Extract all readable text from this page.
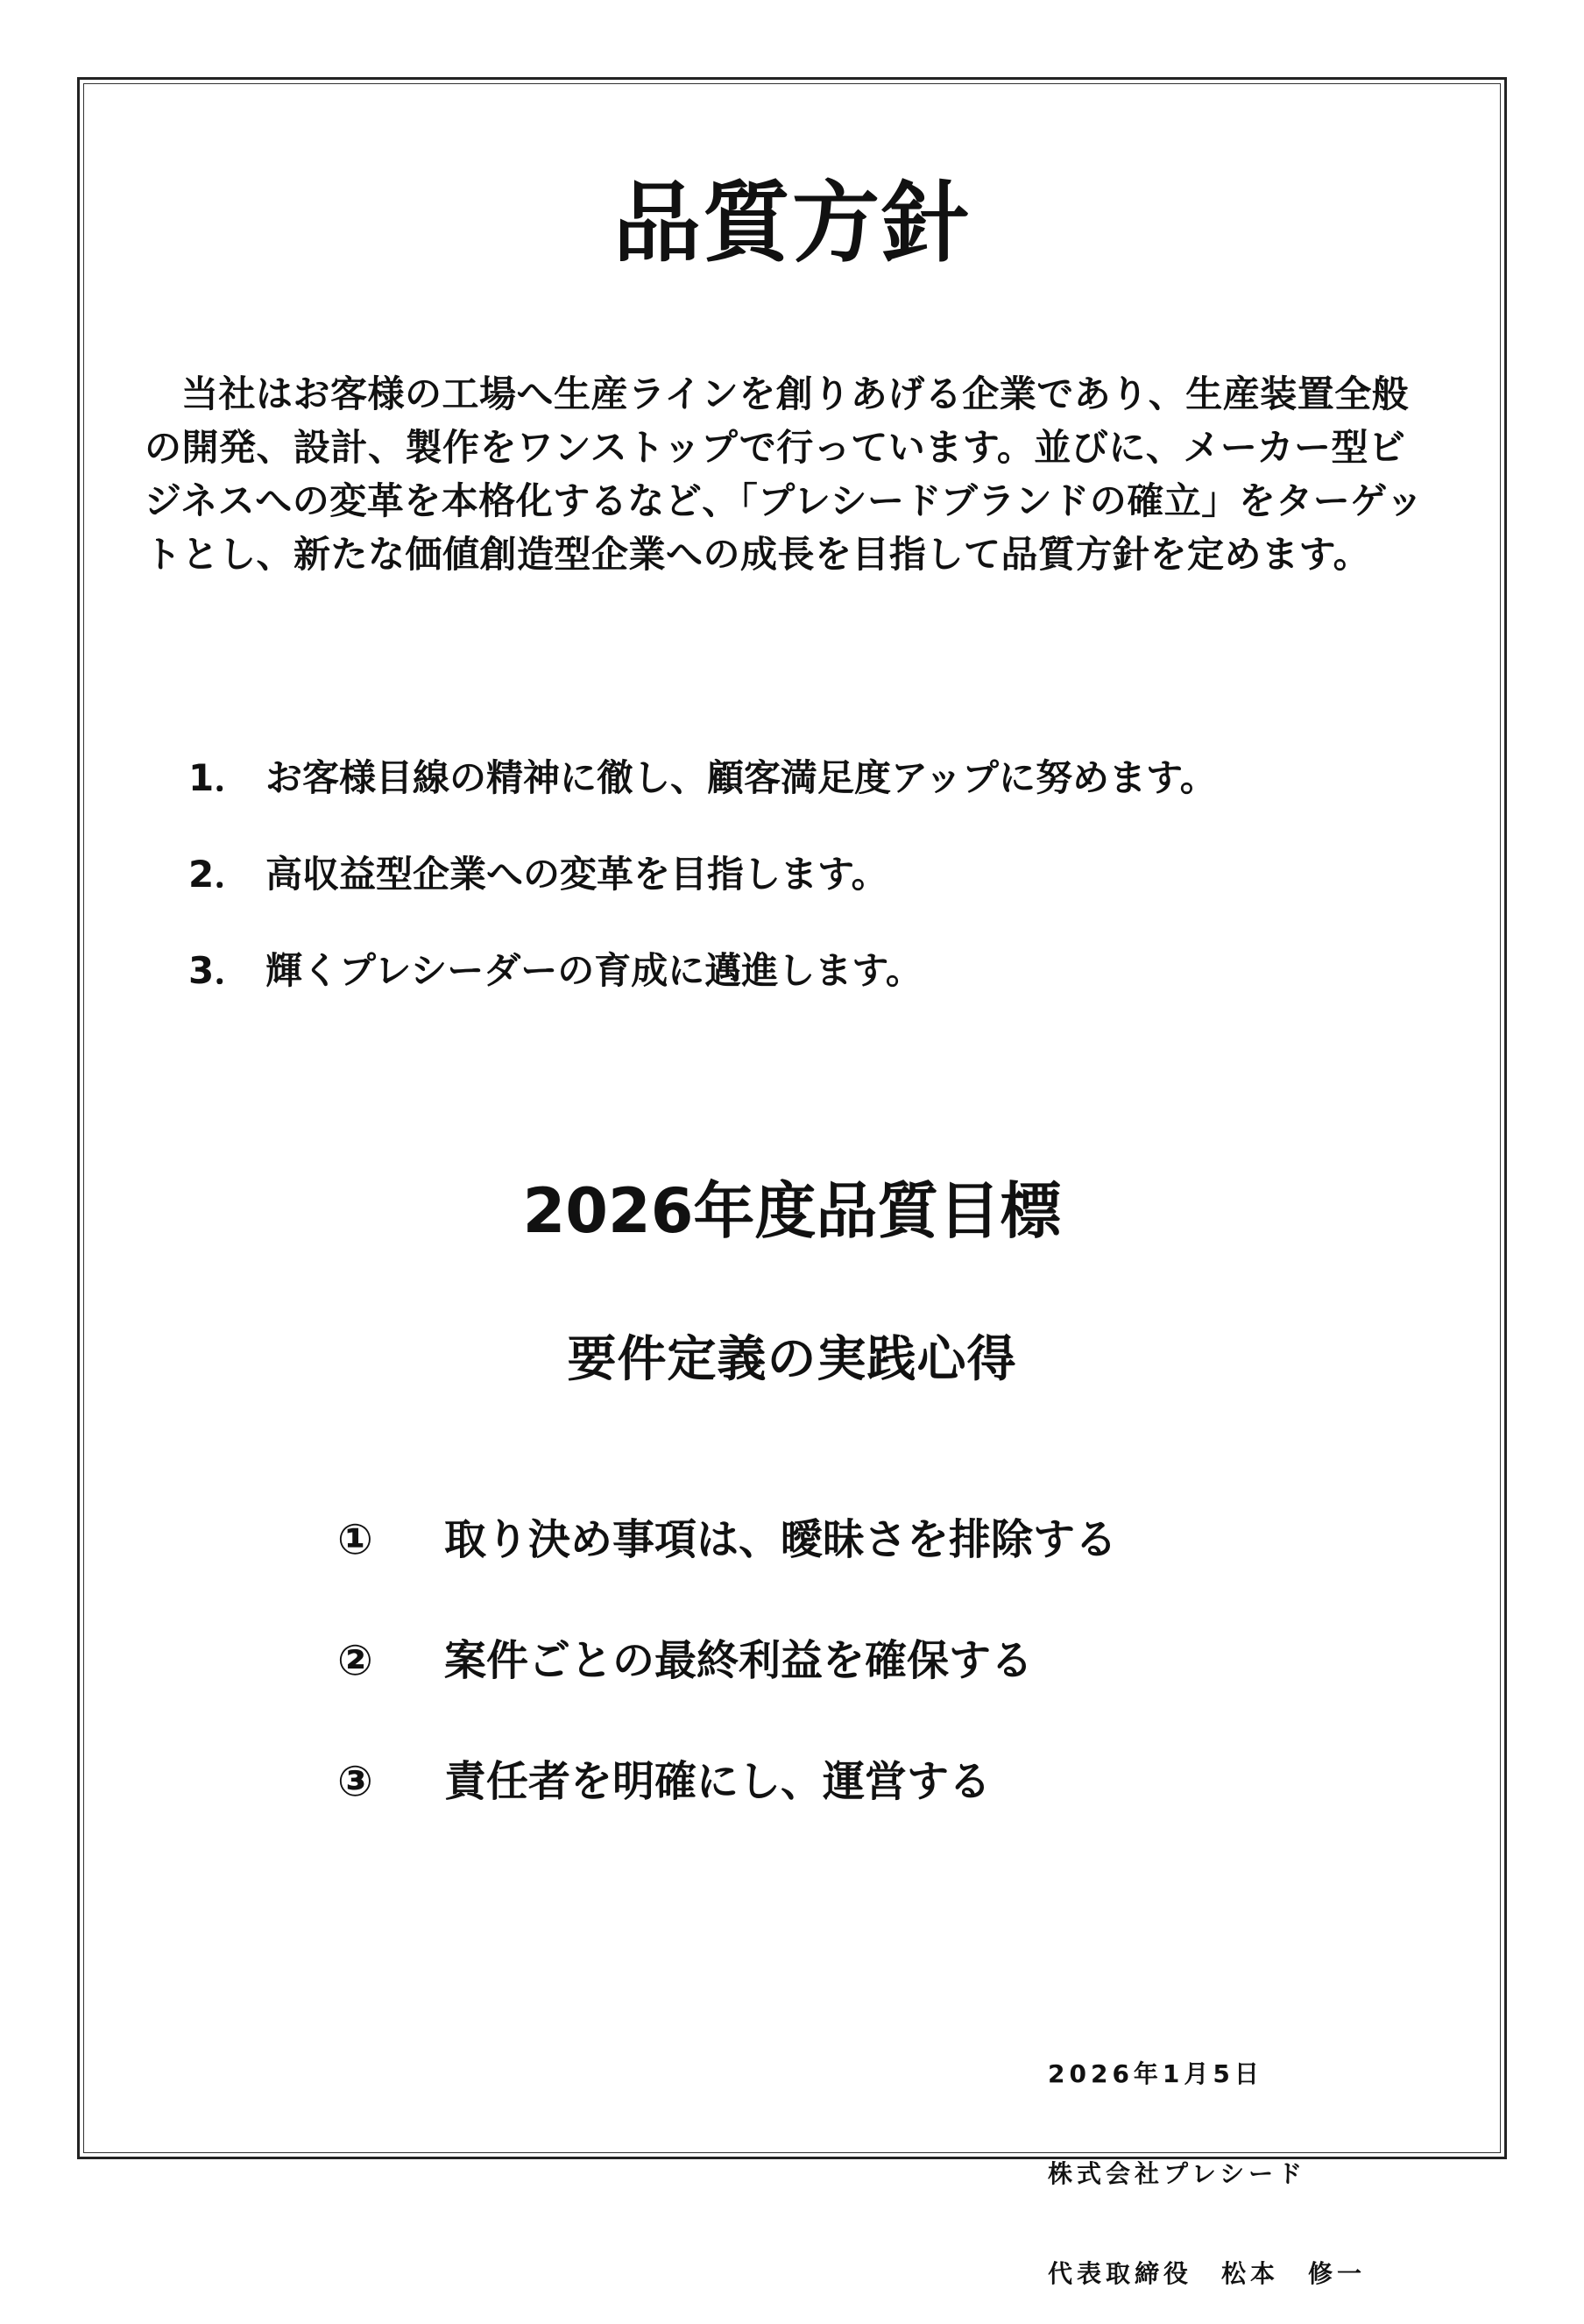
品質方針

当社はお客様の工場へ生産ラインを創りあげる企業であり、生産装置全般の開発、設計、製作をワンストップで行っています。並びに、メーカー型ビジネスへの変革を本格化するなど、「プレシードブランドの確立」をターゲットとし、新たな価値創造型企業への成長を目指して品質方針を定めます。

1． お客様目線の精神に徹し、顧客満足度アップに努めます。
2． 高収益型企業への変革を目指します。
3． 輝くプレシーダーの育成に邁進します。
2026年度品質目標
要件定義の実践心得
①	取り決め事項は、曖昧さを排除する
②	案件ごとの最終利益を確保する
③	責任者を明確にし、運営する

2026年1月5日

株式会社プレシード

代表取締役　松本　修一
